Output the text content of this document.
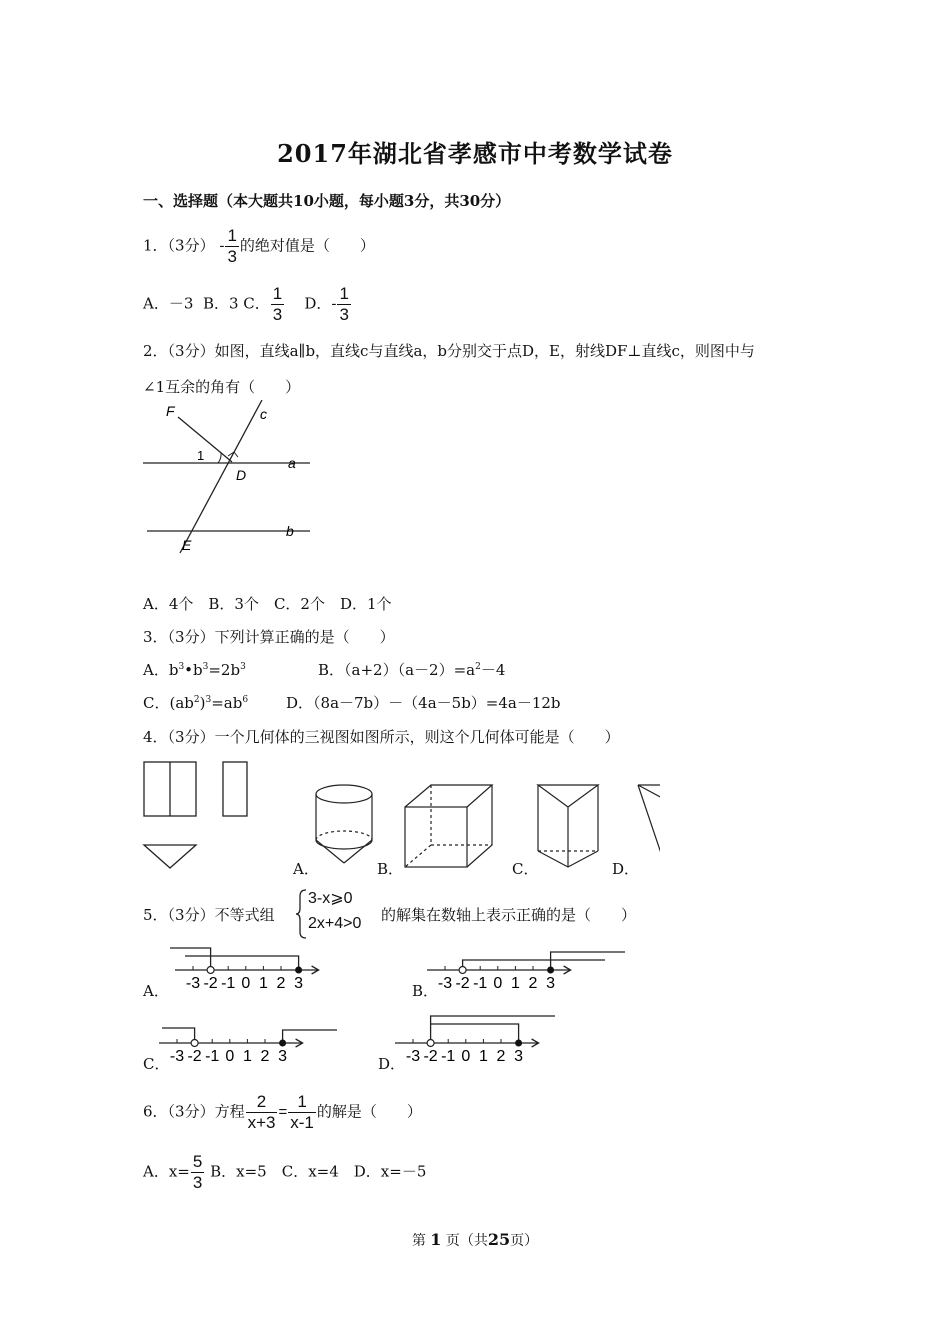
2017年湖北省孝感市中考数学试卷
一、选择题（本大题共10小题，每小题3分，共30分）
1．（3分） - $\frac{1}{3}$ 的绝对值是（　　）
A．－3 B．3 C． $\frac{1}{3}$ D．- $\frac{1}{3}$
2．（3分）如图，直线a∥b，直线c与直线a，b分别交于点D，E，射线DF⊥直线c，则图中与
∠1互余的角有（　　）
F	c
1
D
a
b
E
A．4个　B．3个　C．2个　D．1个
3．（3分）下列计算正确的是（　　）
A．$b^3•b^3=2b^3$	B．$(a+2)(a-2)=a^2-4$
C．$(ab^2)^3=ab^6$	D．（8a－7b）－（4a－5b）=4a－12b
4．（3分）一个几何体的三视图如图所示，则这个几何体可能是（　　）
A．	B．	C．	D．
5．（3分）不等式组
3-x⩾0
2x+4>0 的解集在数轴上表示正确的是（　　）
-3 -2 -1 0 1 2 3	-3 -2 -1 0 1 2 3
-3 -2 -1 0 1 2 3	-3 -2 -1 0 1 2 3
A．	B．
C．	D．
6．（3分）方程 $\frac{2}{x+3} = \frac{1}{x-1}$ 的解是（　　）
A．$x= \frac{5}{3}$ B．x=5　C．x=4　D．x=－5
第 1 页（共25页）
